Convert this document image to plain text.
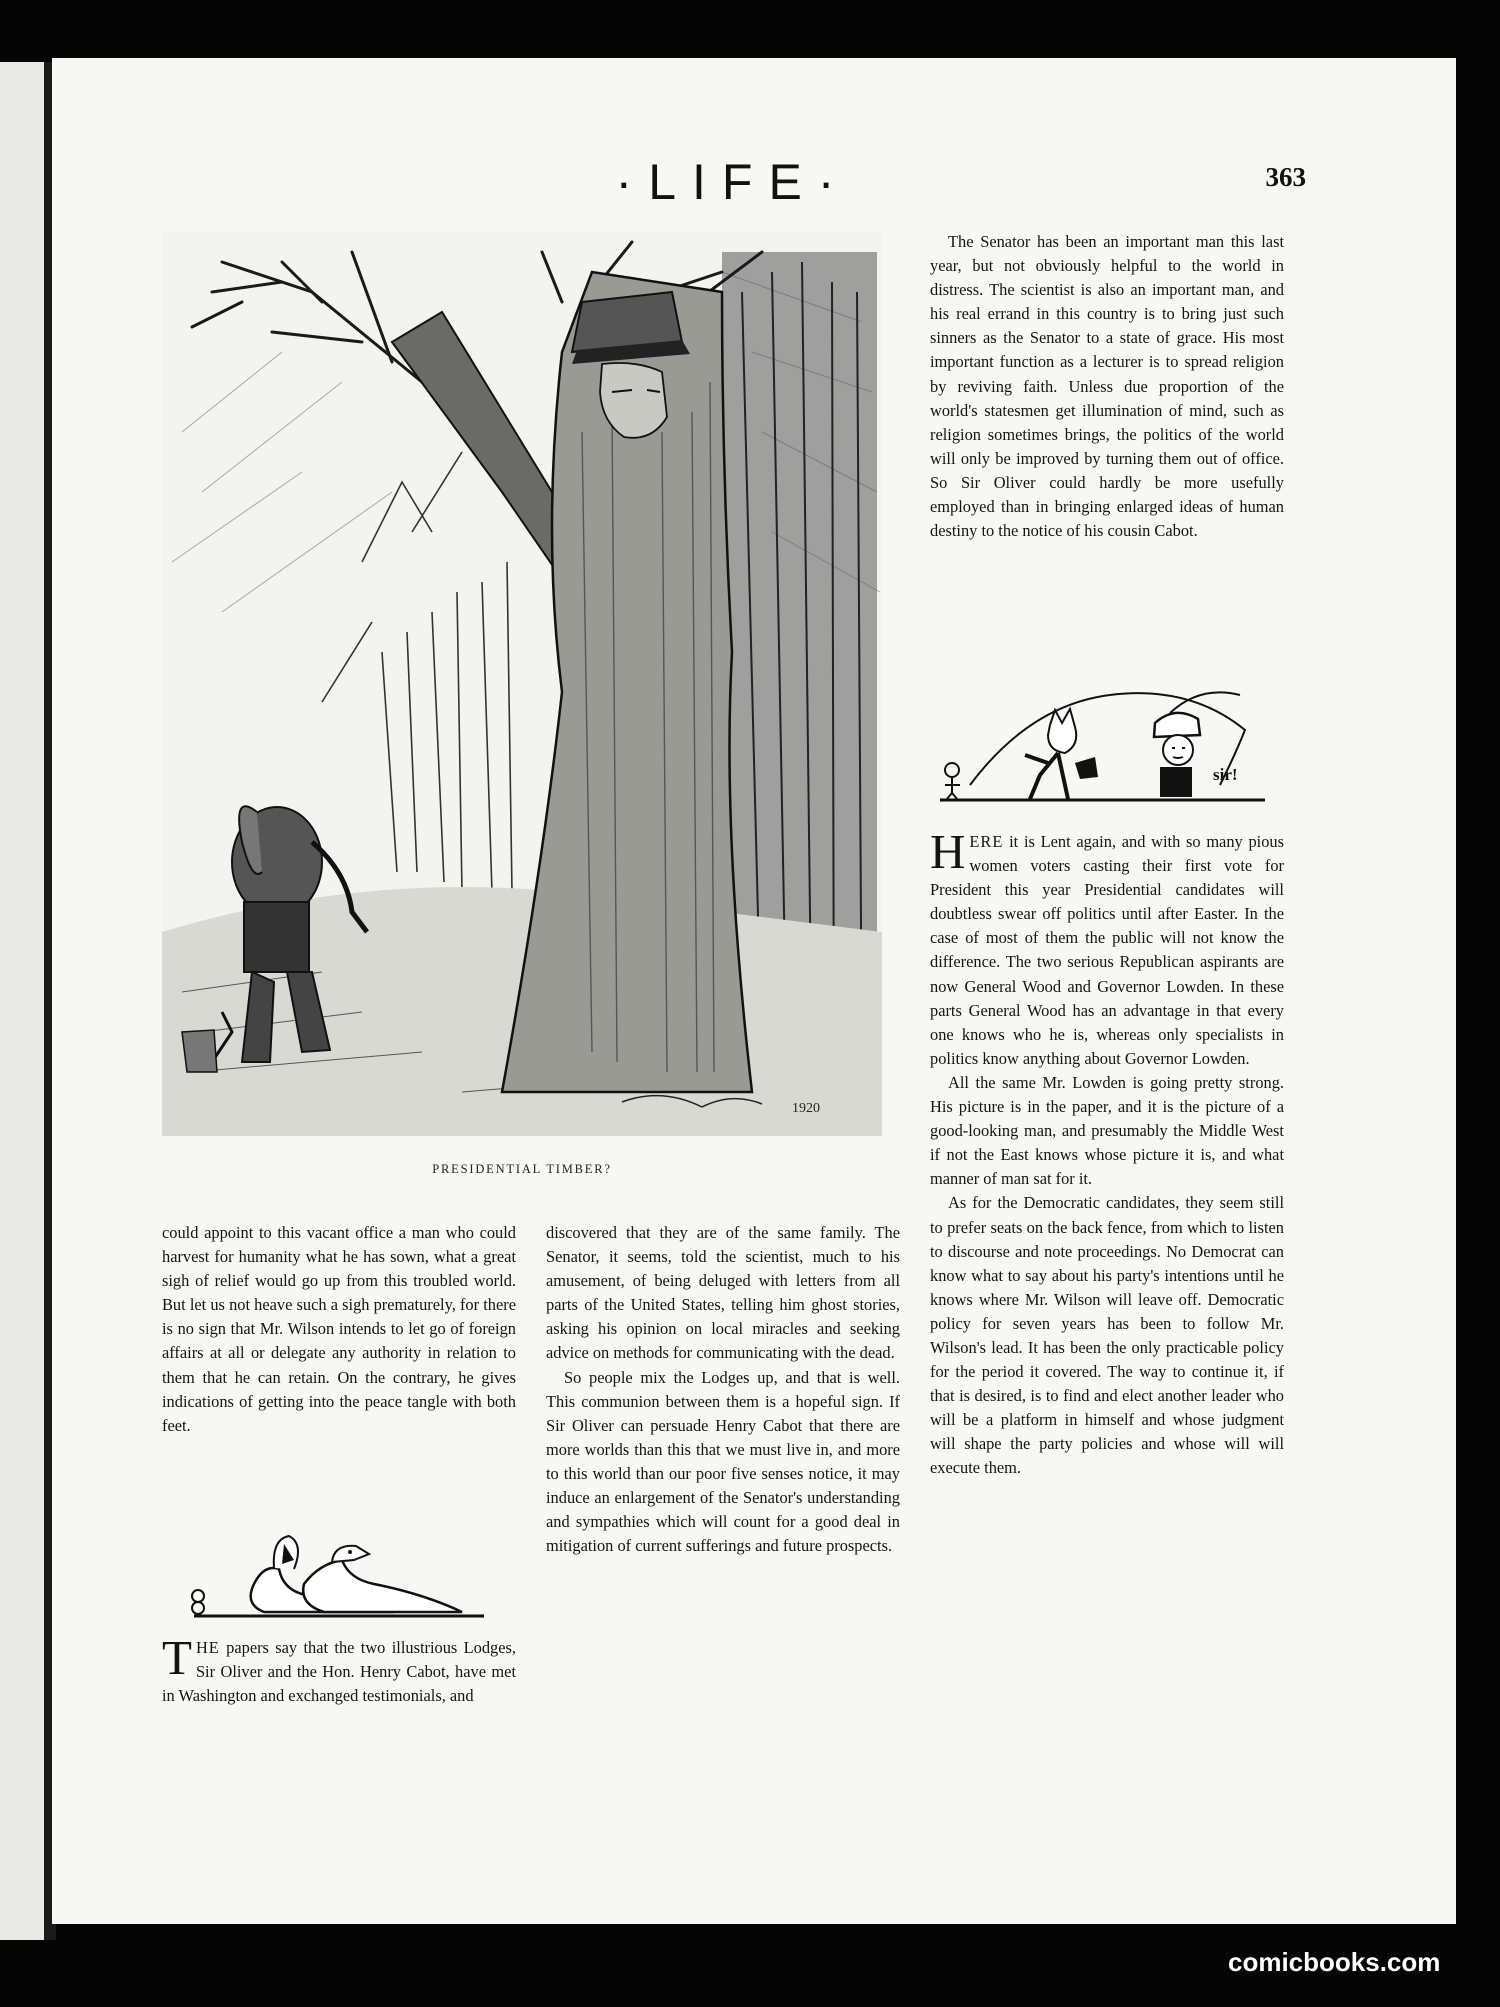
·LIFE·	363
1920
PRESIDENTIAL TIMBER?

The Senator has been an important man this last year, but not obviously helpful to the world in distress. The scientist is also an important man, and his real errand in this country is to bring just such sinners as the Senator to a state of grace. His most important function as a lecturer is to spread religion by reviving faith. Unless due proportion of the world's statesmen get illumination of mind, such as religion sometimes brings, the politics of the world will only be improved by turning them out of office. So Sir Oliver could hardly be more usefully employed than in bringing enlarged ideas of human destiny to the notice of his cousin Cabot.

sir!

HERE it is Lent again, and with so many pious women voters casting their first vote for President this year Presidential candidates will doubtless swear off politics until after Easter. In the case of most of them the public will not know the difference. The two serious Republican aspirants are now General Wood and Governor Lowden. In these parts General Wood has an advantage in that every one knows who he is, whereas only specialists in politics know anything about Governor Lowden.

All the same Mr. Lowden is going pretty strong. His picture is in the paper, and it is the picture of a good-looking man, and presumably the Middle West if not the East knows whose picture it is, and what manner of man sat for it.

As for the Democratic candidates, they seem still to prefer seats on the back fence, from which to listen to discourse and note proceedings. No Democrat can know what to say about his party's intentions until he knows where Mr. Wilson will leave off. Democratic policy for seven years has been to follow Mr. Wilson's lead. It has been the only practicable policy for the period it covered. The way to continue it, if that is desired, is to find and elect another leader who will be a platform in himself and whose judgment will shape the party policies and whose will will execute them.

could appoint to this vacant office a man who could harvest for humanity what he has sown, what a great sigh of relief would go up from this troubled world. But let us not heave such a sigh prematurely, for there is no sign that Mr. Wilson intends to let go of foreign affairs at all or delegate any authority in relation to them that he can retain. On the contrary, he gives indications of getting into the peace tangle with both feet.

THE papers say that the two illustrious Lodges, Sir Oliver and the Hon. Henry Cabot, have met in Washington and exchanged testimonials, and

discovered that they are of the same family. The Senator, it seems, told the scientist, much to his amusement, of being deluged with letters from all parts of the United States, telling him ghost stories, asking his opinion on local miracles and seeking advice on methods for communicating with the dead.

So people mix the Lodges up, and that is well. This communion between them is a hopeful sign. If Sir Oliver can persuade Henry Cabot that there are more worlds than this that we must live in, and more to this world than our poor five senses notice, it may induce an enlargement of the Senator's understanding and sympathies which will count for a good deal in mitigation of current sufferings and future prospects.

comicbooks.com
